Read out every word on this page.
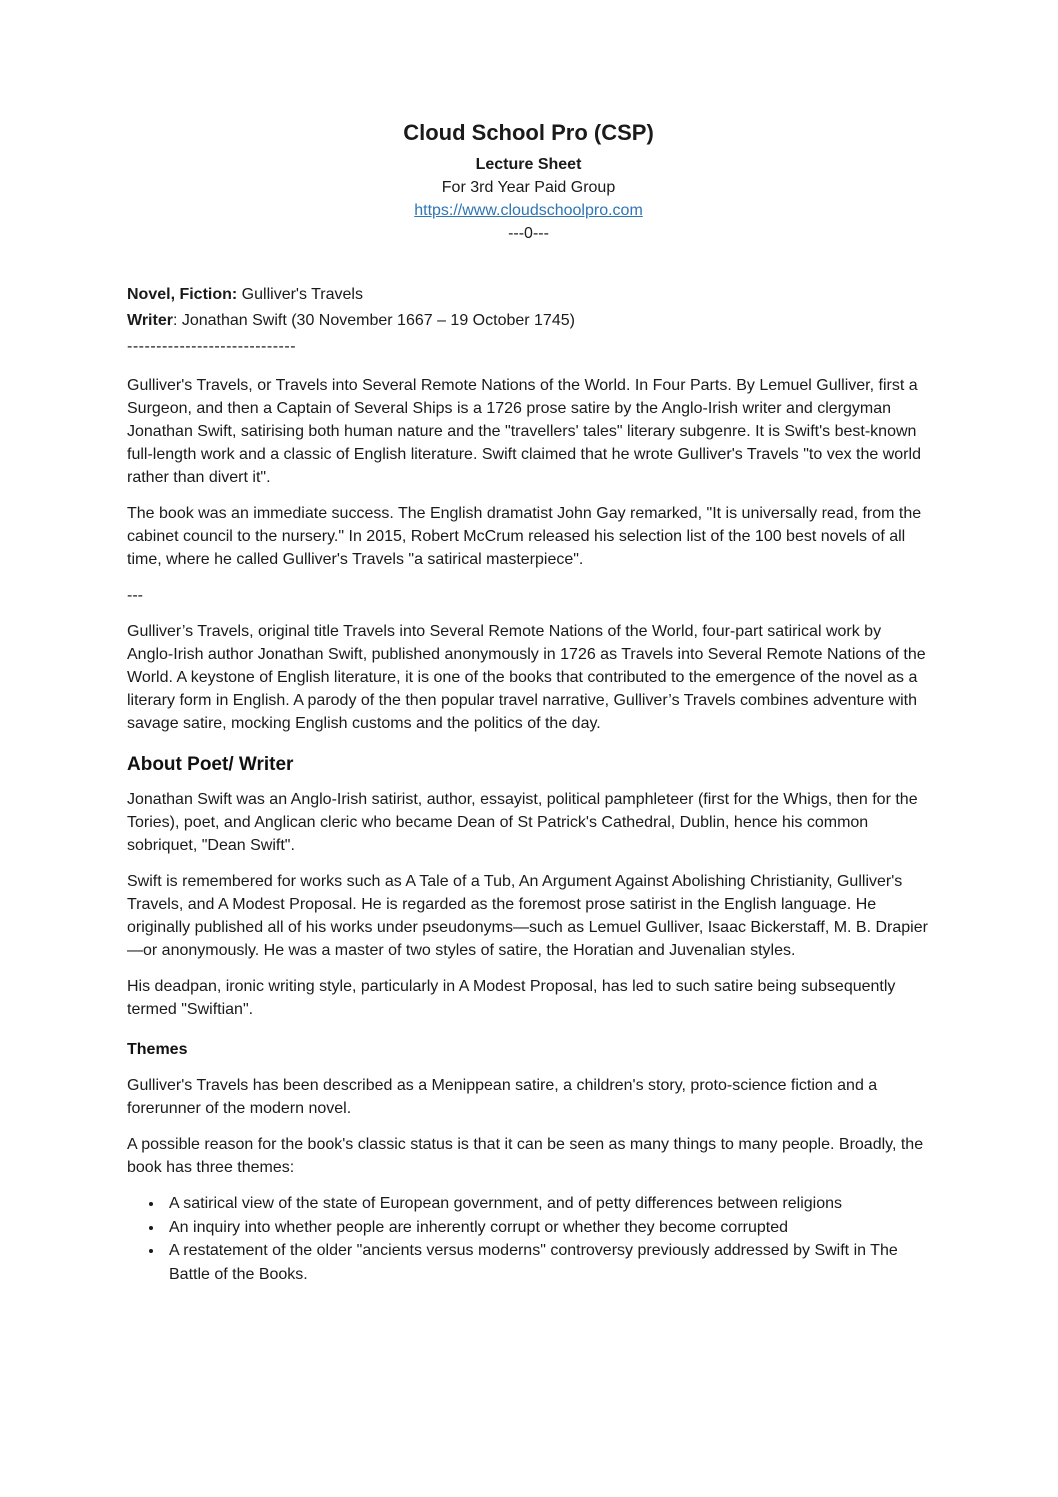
Cloud School Pro (CSP)
Lecture Sheet
For 3rd Year Paid Group
https://www.cloudschoolpro.com
---0---

Novel, Fiction: Gulliver's Travels

Writer: Jonathan Swift (30 November 1667 – 19 October 1745)

-----------------------------

Gulliver's Travels, or Travels into Several Remote Nations of the World. In Four Parts. By Lemuel Gulliver, first a Surgeon, and then a Captain of Several Ships is a 1726 prose satire by the Anglo-Irish writer and clergyman Jonathan Swift, satirising both human nature and the "travellers' tales" literary subgenre. It is Swift's best-known full-length work and a classic of English literature. Swift claimed that he wrote Gulliver's Travels "to vex the world rather than divert it".

The book was an immediate success. The English dramatist John Gay remarked, "It is universally read, from the cabinet council to the nursery." In 2015, Robert McCrum released his selection list of the 100 best novels of all time, where he called Gulliver's Travels "a satirical masterpiece".

---

Gulliver’s Travels, original title Travels into Several Remote Nations of the World, four-part satirical work by Anglo-Irish author Jonathan Swift, published anonymously in 1726 as Travels into Several Remote Nations of the World. A keystone of English literature, it is one of the books that contributed to the emergence of the novel as a literary form in English. A parody of the then popular travel narrative, Gulliver’s Travels combines adventure with savage satire, mocking English customs and the politics of the day.

About Poet/ Writer

Jonathan Swift was an Anglo-Irish satirist, author, essayist, political pamphleteer (first for the Whigs, then for the Tories), poet, and Anglican cleric who became Dean of St Patrick's Cathedral, Dublin, hence his common sobriquet, "Dean Swift".

Swift is remembered for works such as A Tale of a Tub, An Argument Against Abolishing Christianity, Gulliver's Travels, and A Modest Proposal. He is regarded as the foremost prose satirist in the English language. He originally published all of his works under pseudonyms—such as Lemuel Gulliver, Isaac Bickerstaff, M. B. Drapier—or anonymously. He was a master of two styles of satire, the Horatian and Juvenalian styles.

His deadpan, ironic writing style, particularly in A Modest Proposal, has led to such satire being subsequently termed "Swiftian".

Themes

Gulliver's Travels has been described as a Menippean satire, a children's story, proto-science fiction and a forerunner of the modern novel.

A possible reason for the book's classic status is that it can be seen as many things to many people. Broadly, the book has three themes:

• A satirical view of the state of European government, and of petty differences between religions
• An inquiry into whether people are inherently corrupt or whether they become corrupted
• A restatement of the older "ancients versus moderns" controversy previously addressed by Swift in The Battle of the Books.
